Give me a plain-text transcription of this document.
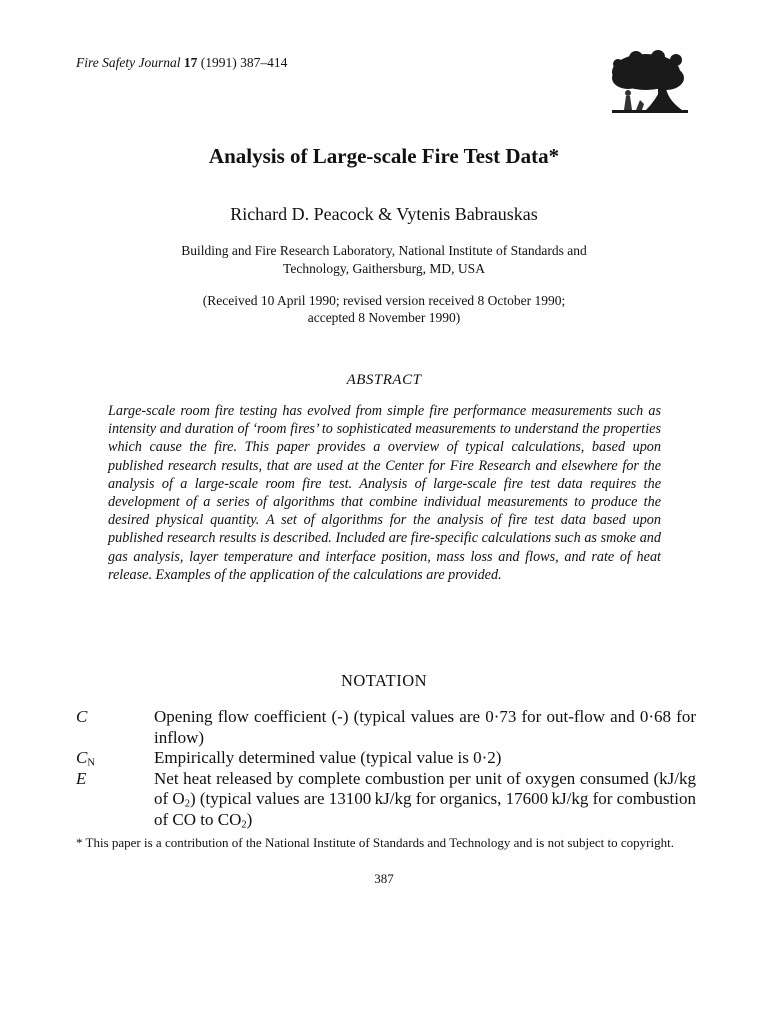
Fire Safety Journal 17 (1991) 387–414
Analysis of Large-scale Fire Test Data*
Richard D. Peacock & Vytenis Babrauskas
Building and Fire Research Laboratory, National Institute of Standards and
Technology, Gaithersburg, MD, USA
(Received 10 April 1990; revised version received 8 October 1990;
accepted 8 November 1990)
ABSTRACT
Large-scale room fire testing has evolved from simple fire performance measurements such as intensity and duration of ‘room fires’ to sophisticated measurements to understand the properties which cause the fire. This paper provides a overview of typical calculations, based upon published research results, that are used at the Center for Fire Research and elsewhere for the analysis of a large-scale room fire test. Analysis of large-scale fire test data requires the development of a series of algorithms that combine individual measurements to produce the desired physical quantity. A set of algorithms for the analysis of fire test data based upon published research results is described. Included are fire-specific calculations such as smoke and gas analysis, layer temperature and interface position, mass loss and flows, and rate of heat release. Examples of the application of the calculations are provided.
NOTATION
C	Opening flow coefficient (-) (typical values are 0·73 for out-flow and 0·68 for inflow)
$C_N$	Empirically determined value (typical value is 0·2)
E	Net heat released by complete combustion per unit of oxygen consumed (kJ/kg of $O_2$) (typical values are 13100 kJ/kg for organics, 17600 kJ/kg for combustion of CO to $CO_2$)
* This paper is a contribution of the National Institute of Standards and Technology and is not subject to copyright.
387
